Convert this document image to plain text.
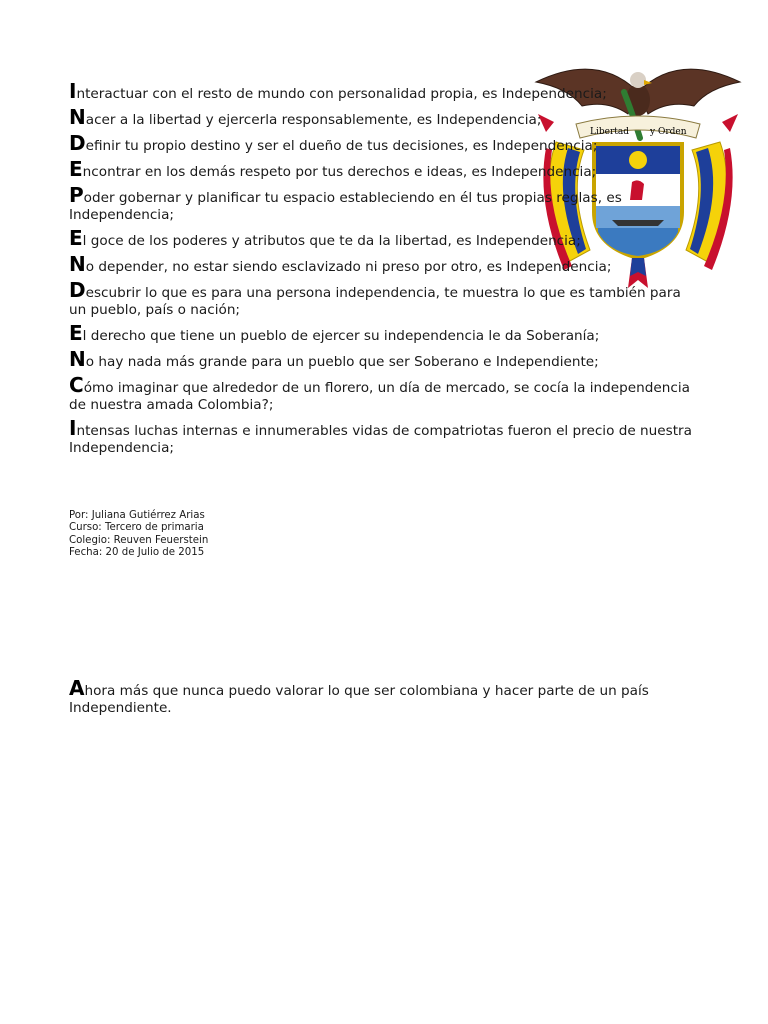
Libertad y Orden
Interactuar con el resto de mundo con personalidad propia, es Independencia;
Nacer a la libertad y ejercerla responsablemente, es Independencia;
Definir tu propio destino y ser el dueño de tus decisiones, es Independencia;
Encontrar en los demás respeto por tus derechos e ideas, es Independencia;
Poder gobernar y planificar tu espacio estableciendo en él tus propias reglas, es Independencia;
El goce de los poderes y atributos que te da la libertad, es Independencia;
No depender, no estar siendo esclavizado ni preso por otro, es Independencia;
Descubrir lo que es para una persona independencia, te muestra lo que es también para un pueblo, país o nación;
El derecho que tiene un pueblo de ejercer su independencia le da Soberanía;
No hay nada más grande para un pueblo que ser Soberano e Independiente;
Cómo imaginar que alrededor de un florero, un día de mercado, se cocía la independencia de nuestra amada Colombia?;
Intensas luchas internas e innumerables vidas de compatriotas fueron el precio de nuestra Independencia;
Por: Juliana Gutiérrez Arias
Curso: Tercero de primaria
Colegio: Reuven Feuerstein
Fecha: 20 de Julio de 2015
Ahora más que nunca puedo valorar lo que ser colombiana y hacer parte de un país Independiente.
